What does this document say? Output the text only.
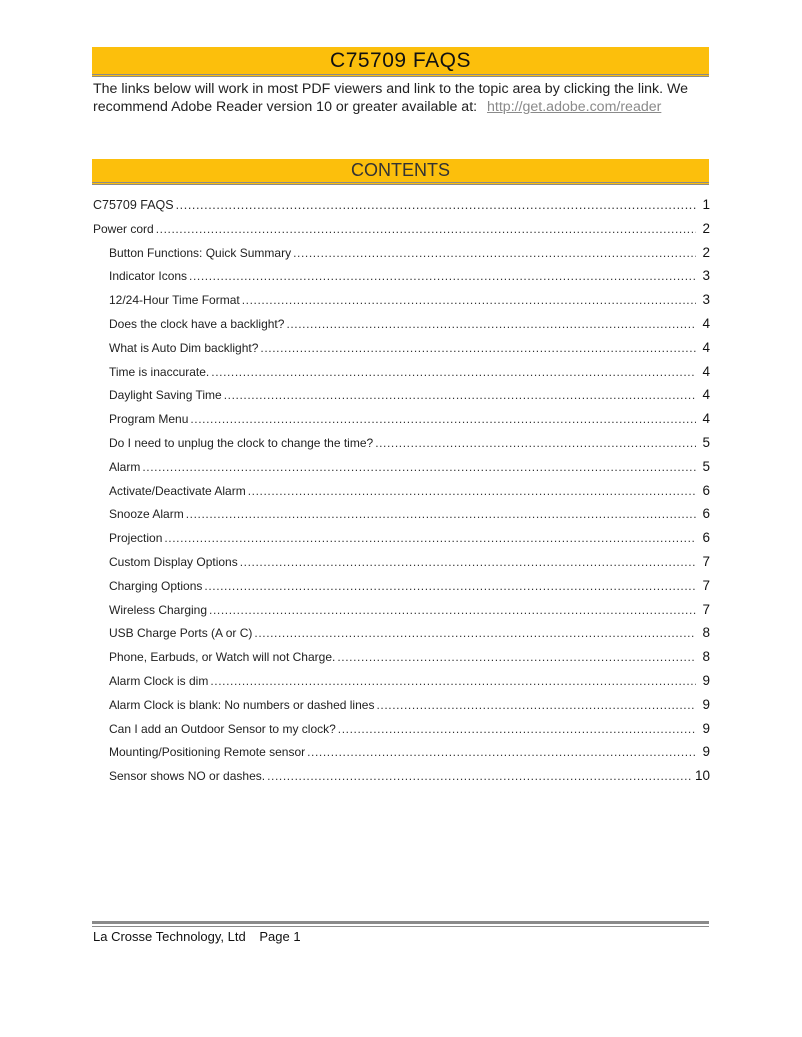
C75709 FAQS
The links below will work in most PDF viewers and link to the topic area by clicking the link. We recommend Adobe Reader version 10 or greater available at: http://get.adobe.com/reader
CONTENTS
C75709 FAQS .....	1
Power cord .....	2
Button Functions: Quick Summary .....	2
Indicator Icons .....	3
12/24-Hour Time Format .....	3
Does the clock have a backlight? .....	4
What is Auto Dim backlight? .....	4
Time is inaccurate. .....	4
Daylight Saving Time .....	4
Program Menu .....	4
Do I need to unplug the clock to change the time? .....	5
Alarm .....	5
Activate/Deactivate Alarm .....	6
Snooze Alarm .....	6
Projection .....	6
Custom Display Options .....	7
Charging Options .....	7
Wireless Charging .....	7
USB Charge Ports (A or C) .....	8
Phone, Earbuds, or Watch will not Charge. .....	8
Alarm Clock is dim .....	9
Alarm Clock is blank: No numbers or dashed lines .....	9
Can I add an Outdoor Sensor to my clock? .....	9
Mounting/Positioning Remote sensor .....	9
Sensor shows NO or dashes. .....	10
La Crosse Technology, Ltd Page 1
